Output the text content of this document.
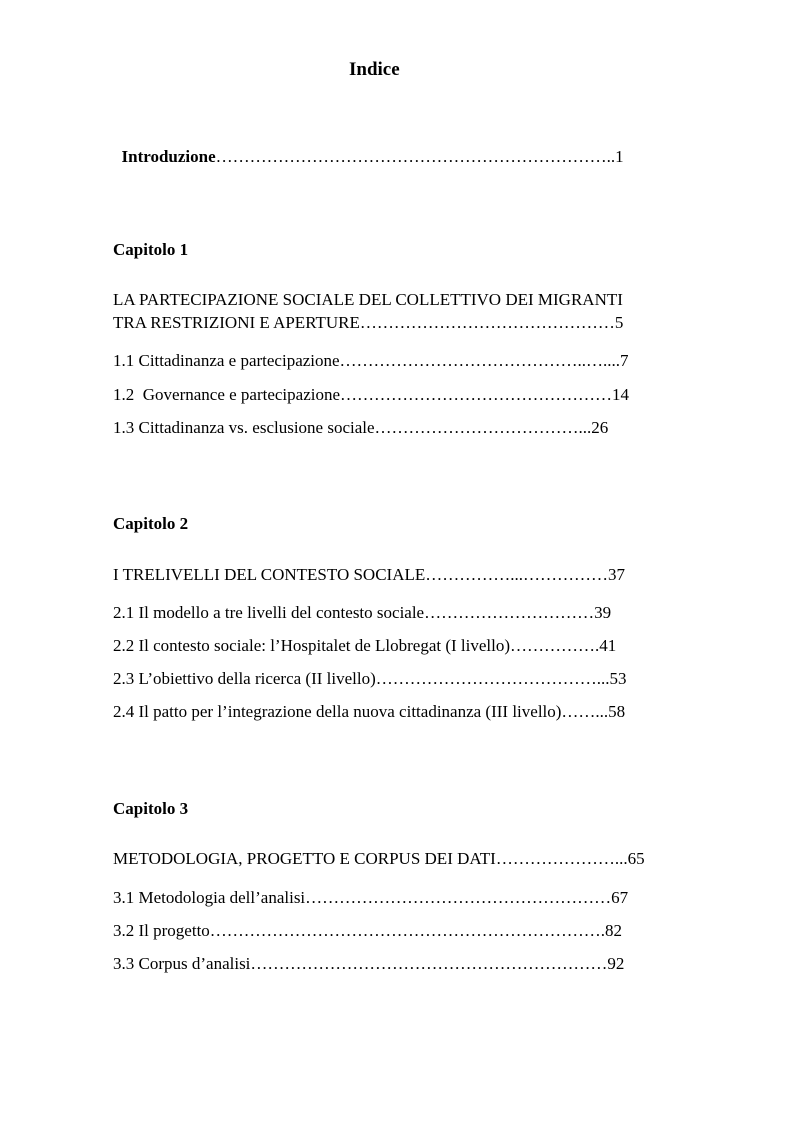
Indice

Introduzione……………………………………………………………..1

Capitolo 1
LA PARTECIPAZIONE SOCIALE DEL COLLETTIVO DEI MIGRANTI
TRA RESTRIZIONI E APERTURE………………………………………5
1.1 Cittadinanza e partecipazione……………………………………..…....7
1.2  Governance e partecipazione…………………………………………14
1.3 Cittadinanza vs. esclusione sociale………………………………...26
Capitolo 2
I TRELIVELLI DEL CONTESTO SOCIALE……………...……………37
2.1 Il modello a tre livelli del contesto sociale…………………………39
2.2 Il contesto sociale: l’Hospitalet de Llobregat (I livello)…………….41
2.3 L’obiettivo della ricerca (II livello)…………………………………...53
2.4 Il patto per l’integrazione della nuova cittadinanza (III livello)……...58
Capitolo 3
METODOLOGIA, PROGETTO E CORPUS DEI DATI…………………...65
3.1 Metodologia dell’analisi………………………………………………67
3.2 Il progetto…………………………………………………………….82
3.3 Corpus d’analisi………………………………………………………92
